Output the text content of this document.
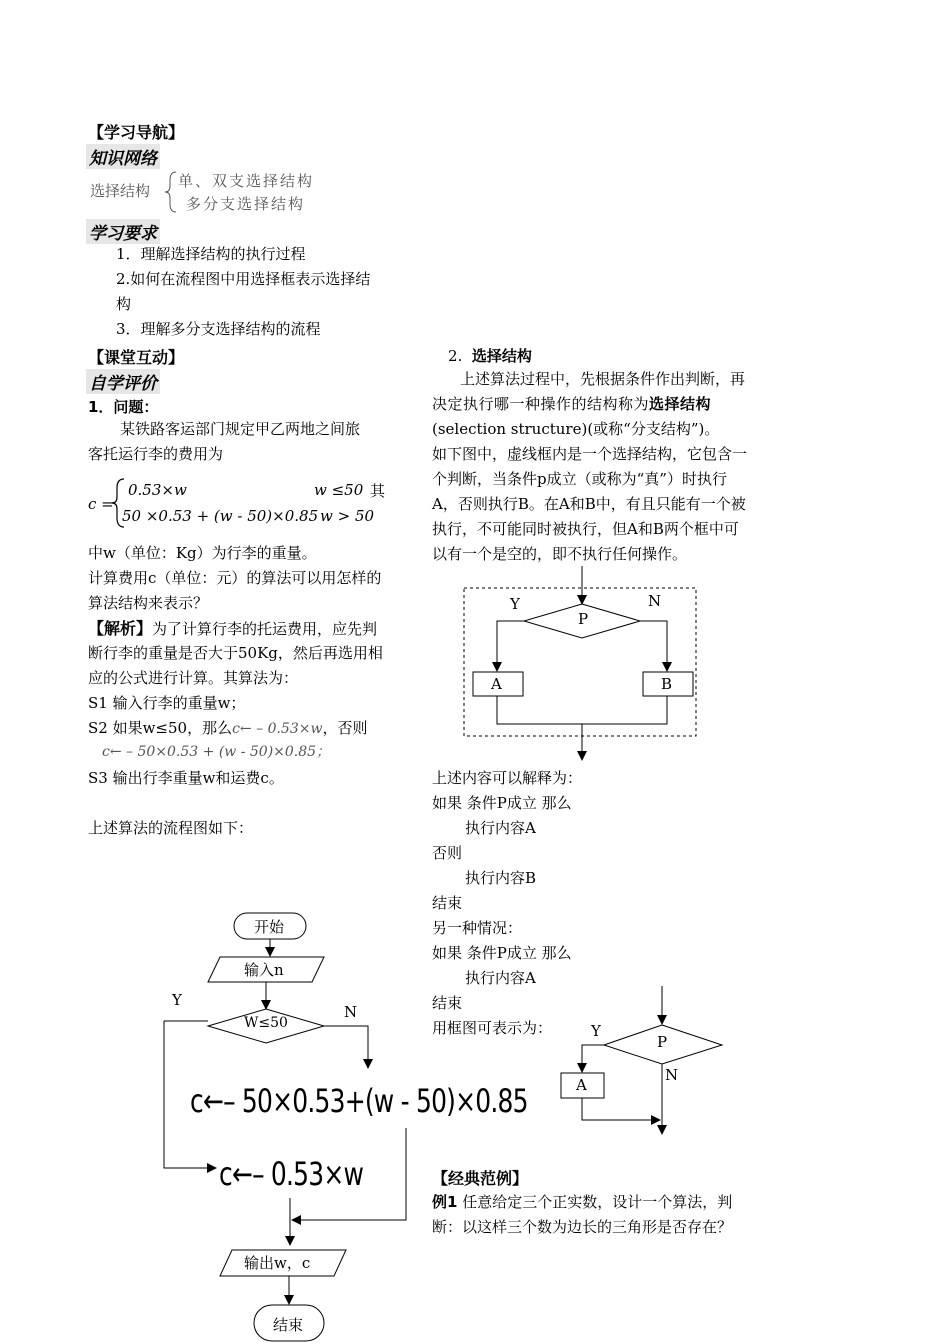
【学习导航】
知识网络
选择结构
单、双支选择结构
多分支选择结构
学习要求
1．理解选择结构的执行过程
2.如何在流程图中用选择框表示选择结
构
3．理解多分支选择结构的流程
【课堂互动】
自学评价
1．问题：
某铁路客运部门规定甲乙两地之间旅
客托运行李的费用为
c =
0.53×w	w ≤50 其
50 ×0.53 + (w - 50)×0.85 w > 50
中w（单位：Kg）为行李的重量。
计算费用c（单位：元）的算法可以用怎样的
算法结构来表示？
【解析】为了计算行李的托运费用，应先判
断行李的重量是否大于50Kg，然后再选用相
应的公式进行计算。其算法为：
S1 输入行李的重量w；
S2 如果w≤50，那么c← – 0.53×w，否则
c← – 50×0.53 + (w - 50)×0.85；
S3 输出行李重量w和运费c。
上述算法的流程图如下：
2. 选择结构
上述算法过程中，先根据条件作出判断，再
决定执行哪一种操作的结构称为选择结构
(selection structure)(或称“分支结构”)。
如下图中，虚线框内是一个选择结构，它包含一
个判断，当条件p成立（或称为“真”）时执行
A，否则执行B。在A和B中，有且只能有一个被
执行，不可能同时被执行，但A和B两个框中可
以有一个是空的，即不执行任何操作。
上述内容可以解释为：
如果 条件P成立 那么
执行内容A
否则
执行内容B
结束
另一种情况：
如果 条件P成立 那么
执行内容A
结束
用框图可表示为：
【经典范例】
例1 任意给定三个正实数，设计一个算法，判
断：以这样三个数为边长的三角形是否存在？
Y	N
P
A	B
Y
P
A
N
开始
输入n
W≤50
Y
N
c←– 50×0.53+(w - 50)×0.85
c←– 0.53×w
输出w，c
结束
